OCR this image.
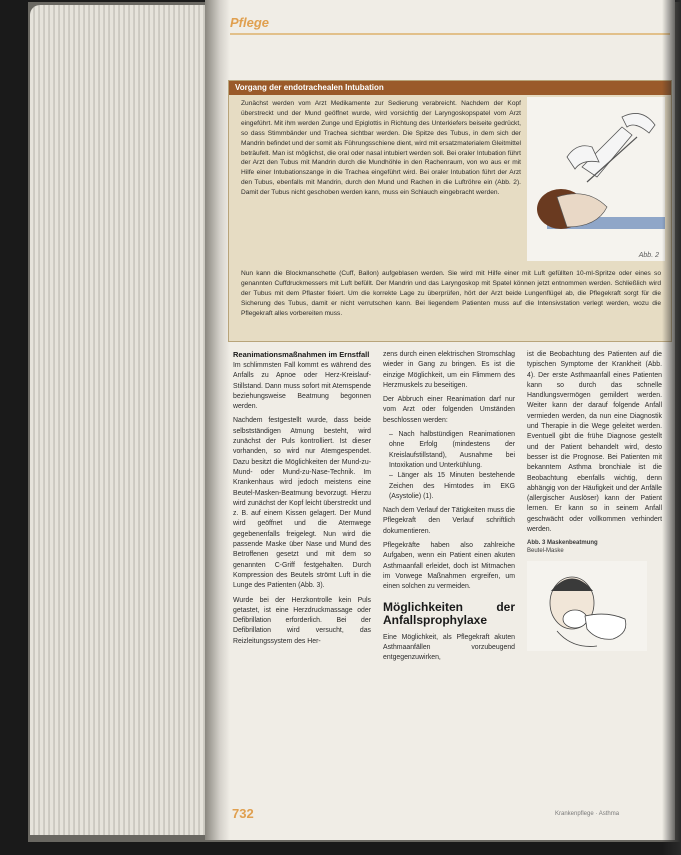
Pflege
Vorgang der endotrachealen Intubation
Zunächst werden vom Arzt Medikamente zur Sedierung verabreicht. Nachdem der Kopf überstreckt und der Mund geöffnet wurde, wird vorsichtig der Laryngoskopspatel vom Arzt eingeführt. Mit ihm werden Zunge und Epiglottis in Richtung des Unterkiefers beiseite gedrückt, so dass Stimmbänder und Trachea sichtbar werden. Die Spitze des Tubus, in dem sich der Mandrin befindet und der somit als Führungsschiene dient, wird mit ersatzmaterialem Gleitmittel beträufelt. Man ist möglichst, die oral oder nasal intubiert werden soll. Bei oraler Intubation führt der Arzt den Tubus mit Mandrin durch die Mundhöhle in den Rachenraum, von wo aus er mit Hilfe einer Intubationszange in die Trachea eingeführt wird. Bei oraler Intubation führt der Arzt den Tubus, ebenfalls mit Mandrin, durch den Mund und Rachen in die Luftröhre ein (Abb. 2). Damit der Tubus nicht geschoben werden kann, muss ein Schlauch eingebracht werden.
Abb. 2
Nun kann die Blockmanschette (Cuff, Ballon) aufgeblasen werden. Sie wird mit Hilfe einer mit Luft gefüllten 10-ml-Spritze oder eines so genannten Cuffdruckmessers mit Luft befüllt. Der Mandrin und das Laryngoskop mit Spatel können jetzt entnommen werden. Schließlich wird der Tubus mit dem Pflaster fixiert. Um die korrekte Lage zu überprüfen, hört der Arzt beide Lungenflügel ab, die Pflegekraft sorgt für die Sicherung des Tubus, damit er nicht verrutschen kann. Bei liegendem Patienten muss auf die Intensivstation verlegt werden, wozu die Pflegekraft alles vorbereiten muss.
Reanimationsmaßnahmen im Ernstfall

Im schlimmsten Fall kommt es während des Anfalls zu Apnoe oder Herz-Kreislauf-Stillstand. Dann muss sofort mit Atemspende beziehungsweise Beatmung begonnen werden.

Nachdem festgestellt wurde, dass beide selbstständigen Atmung besteht, wird zunächst der Puls kontrolliert. Ist dieser vorhanden, so wird nur Atemgespendet. Dazu besitzt die Möglichkeiten der Mund-zu-Mund- oder Mund-zu-Nase-Technik. Im Krankenhaus wird jedoch meistens eine Beutel-Masken-Beatmung bevorzugt. Hierzu wird zunächst der Kopf leicht überstreckt und z. B. auf einem Kissen gelagert. Der Mund wird geöffnet und die Atemwege gegebenenfalls freigelegt. Nun wird die passende Maske über Nase und Mund des Betroffenen gesetzt und mit dem so genannten C-Griff festgehalten. Durch Kompression des Beutels strömt Luft in die Lunge des Patienten (Abb. 3).

Wurde bei der Herzkontrolle kein Puls getastet, ist eine Herzdruckmassage oder Defibrillation erforderlich. Bei der Defibrillation wird versucht, das Reizleitungssystem des Her-

zens durch einen elektrischen Stromschlag wieder in Gang zu bringen. Es ist die einzige Möglichkeit, um ein Flimmern des Herzmuskels zu beseitigen.

Der Abbruch einer Reanimation darf nur vom Arzt oder folgenden Umständen beschlossen werden:

– Nach halbstündigen Reanimationen ohne Erfolg (mindestens der Kreislaufstillstand), Ausnahme bei Intoxikation und Unterkühlung.
– Länger als 15 Minuten bestehende Zeichen des Hirntodes im EKG (Asystolie) (1).

Nach dem Verlauf der Tätigkeiten muss die Pflegekraft den Verlauf schriftlich dokumentieren.

Pflegekräfte haben also zahlreiche Aufgaben, wenn ein Patient einen akuten Asthmaanfall erleidet, doch ist Mitmachen im Vorwege Maßnahmen ergreifen, um einen solchen zu vermeiden.

Möglichkeiten der Anfallsprophylaxe

Eine Möglichkeit, als Pflegekraft akuten Asthmaanfällen vorzubeugend entgegenzuwirken,

ist die Beobachtung des Patienten auf die typischen Symptome der Krankheit (Abb. 4). Der erste Asthmaanfall eines Patienten kann so durch das schnelle Handlungsvermögen gemildert werden. Weiter kann der darauf folgende Anfall vermieden werden, da nun eine Diagnostik und Therapie in die Wege geleitet werden. Eventuell gibt die frühe Diagnose gestellt und der Patient behandelt wird, desto besser ist die Prognose. Bei Patienten mit bekanntem Asthma bronchiale ist die Beobachtung ebenfalls wichtig, denn abhängig von der Häufigkeit und der Anfälle (allergischer Auslöser) kann der Patient lernen. Er kann so in seinem Anfall geschwächt oder vollkommen verhindert werden.

Abb. 3 Maskenbeatmung
Beutel-Maske
732	Krankenpflege · Asthma
